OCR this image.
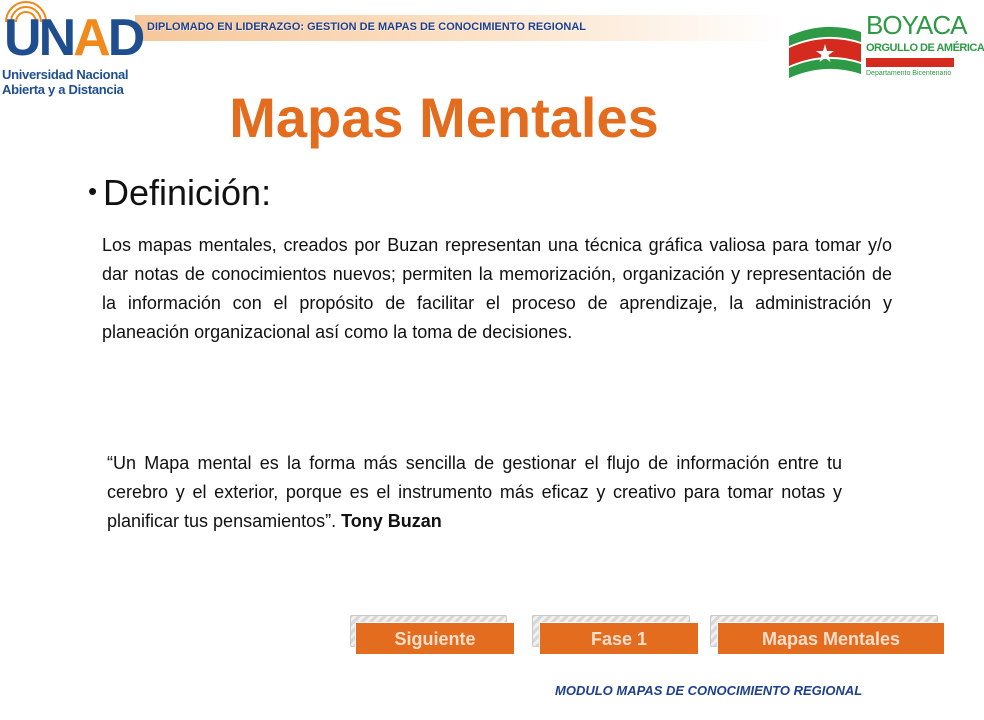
DIPLOMADO EN LIDERAZGO: GESTION DE MAPAS DE CONOCIMIENTO REGIONAL
UNAD
Universidad Nacional
Abierta y a Distancia
BOYACA
ORGULLO DE AMÉRICA
Departamento Bicentenario
Mapas Mentales
• Definición:
Los mapas mentales, creados por Buzan representan una técnica gráfica valiosa para tomar y/o dar notas de conocimientos nuevos; permiten la memorización, organización y representación de la información con el propósito de facilitar el proceso de aprendizaje, la administración y planeación organizacional así como la toma de decisiones.
“Un Mapa mental es la forma más sencilla de gestionar el flujo de información entre tu cerebro y el exterior, porque es el instrumento más eficaz y creativo para tomar notas y planificar tus pensamientos”. Tony Buzan
Siguiente	Fase 1	Mapas Mentales
MODULO MAPAS DE CONOCIMIENTO REGIONAL
